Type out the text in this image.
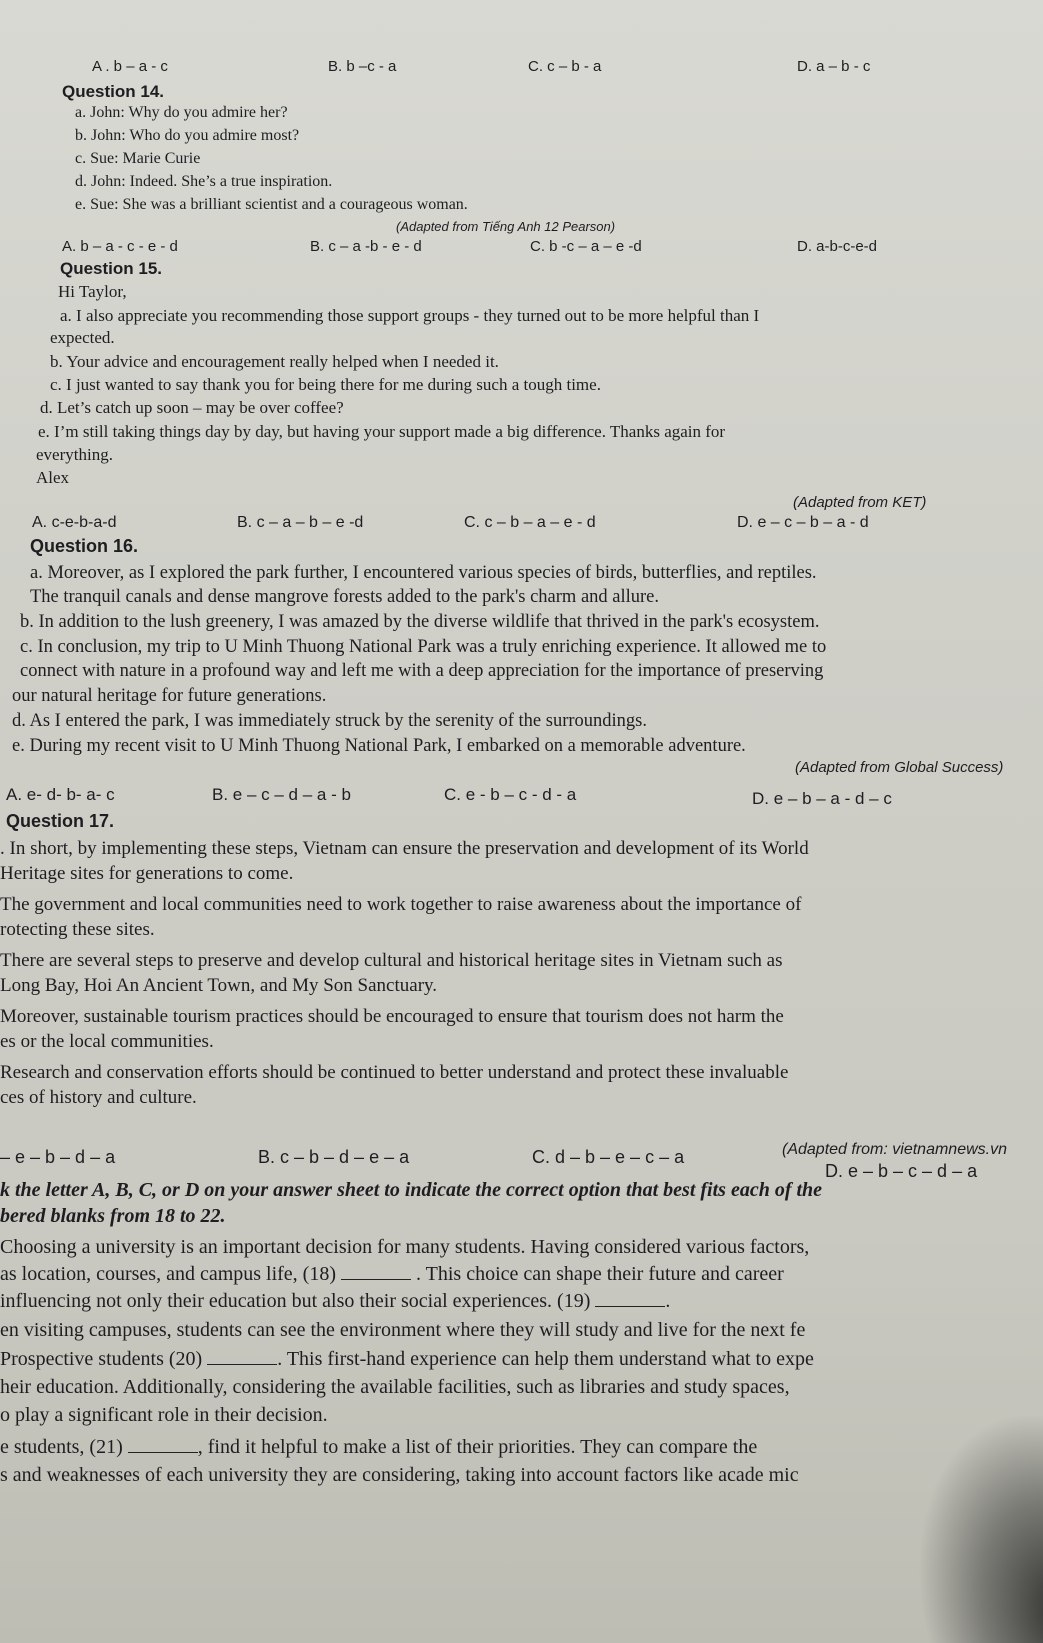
A . b – a - c	B. b –c - a	C. c – b - a	D. a – b - c
Question 14.
a. John: Why do you admire her?
b. John: Who do you admire most?
c. Sue: Marie Curie
d. John: Indeed. She’s a true inspiration.
e. Sue: She was a brilliant scientist and a courageous woman.
(Adapted from Tiếng Anh 12 Pearson)
A. b – a - c - e - d	B. c – a -b - e - d	C. b -c – a – e -d	D. a-b-c-e-d
Question 15.
Hi Taylor,
a. I also appreciate you recommending those support groups - they turned out to be more helpful than I
expected.
b. Your advice and encouragement really helped when I needed it.
c. I just wanted to say thank you for being there for me during such a tough time.
d. Let’s catch up soon – may be over coffee?
e. I’m still taking things day by day, but having your support made a big difference. Thanks again for
everything.
Alex
(Adapted from KET)
A. c-e-b-a-d	B. c – a – b – e -d	C. c – b – a – e - d	D. e – c – b – a - d
Question 16.
a. Moreover, as I explored the park further, I encountered various species of birds, butterflies, and reptiles.
The tranquil canals and dense mangrove forests added to the park's charm and allure.
b. In addition to the lush greenery, I was amazed by the diverse wildlife that thrived in the park's ecosystem.
c. In conclusion, my trip to U Minh Thuong National Park was a truly enriching experience. It allowed me to
connect with nature in a profound way and left me with a deep appreciation for the importance of preserving
our natural heritage for future generations.
d. As I entered the park, I was immediately struck by the serenity of the surroundings.
e. During my recent visit to U Minh Thuong National Park, I embarked on a memorable adventure.
(Adapted from Global Success)
A. e- d- b- a- c	B. e – c – d – a - b	C. e - b – c - d - a	D. e – b – a - d – c
Question 17.
. In short, by implementing these steps, Vietnam can ensure the preservation and development of its World
Heritage sites for generations to come.
The government and local communities need to work together to raise awareness about the importance of
rotecting these sites.
There are several steps to preserve and develop cultural and historical heritage sites in Vietnam such as
Long Bay, Hoi An Ancient Town, and My Son Sanctuary.
Moreover, sustainable tourism practices should be encouraged to ensure that tourism does not harm the
es or the local communities.
Research and conservation efforts should be continued to better understand and protect these invaluable
ces of history and culture.
(Adapted from: vietnamnews.vn
– e – b – d – a	B. c – b – d – e – a	C. d – b – e – c – a
D. e – b – c – d – a
k the letter A, B, C, or D on your answer sheet to indicate the correct option that best fits each of the
bered blanks from 18 to 22.
Choosing a university is an important decision for many students. Having considered various factors,
as location, courses, and campus life, (18)	. This choice can shape their future and career
influencing not only their education but also their social experiences. (19)	.
en visiting campuses, students can see the environment where they will study and live for the next fe
Prospective students (20)	. This first-hand experience can help them understand what to expe
heir education. Additionally, considering the available facilities, such as libraries and study spaces,
o play a significant role in their decision.
e students, (21)	, find it helpful to make a list of their priorities. They can compare the
s and weaknesses of each university they are considering, taking into account factors like acade mic
